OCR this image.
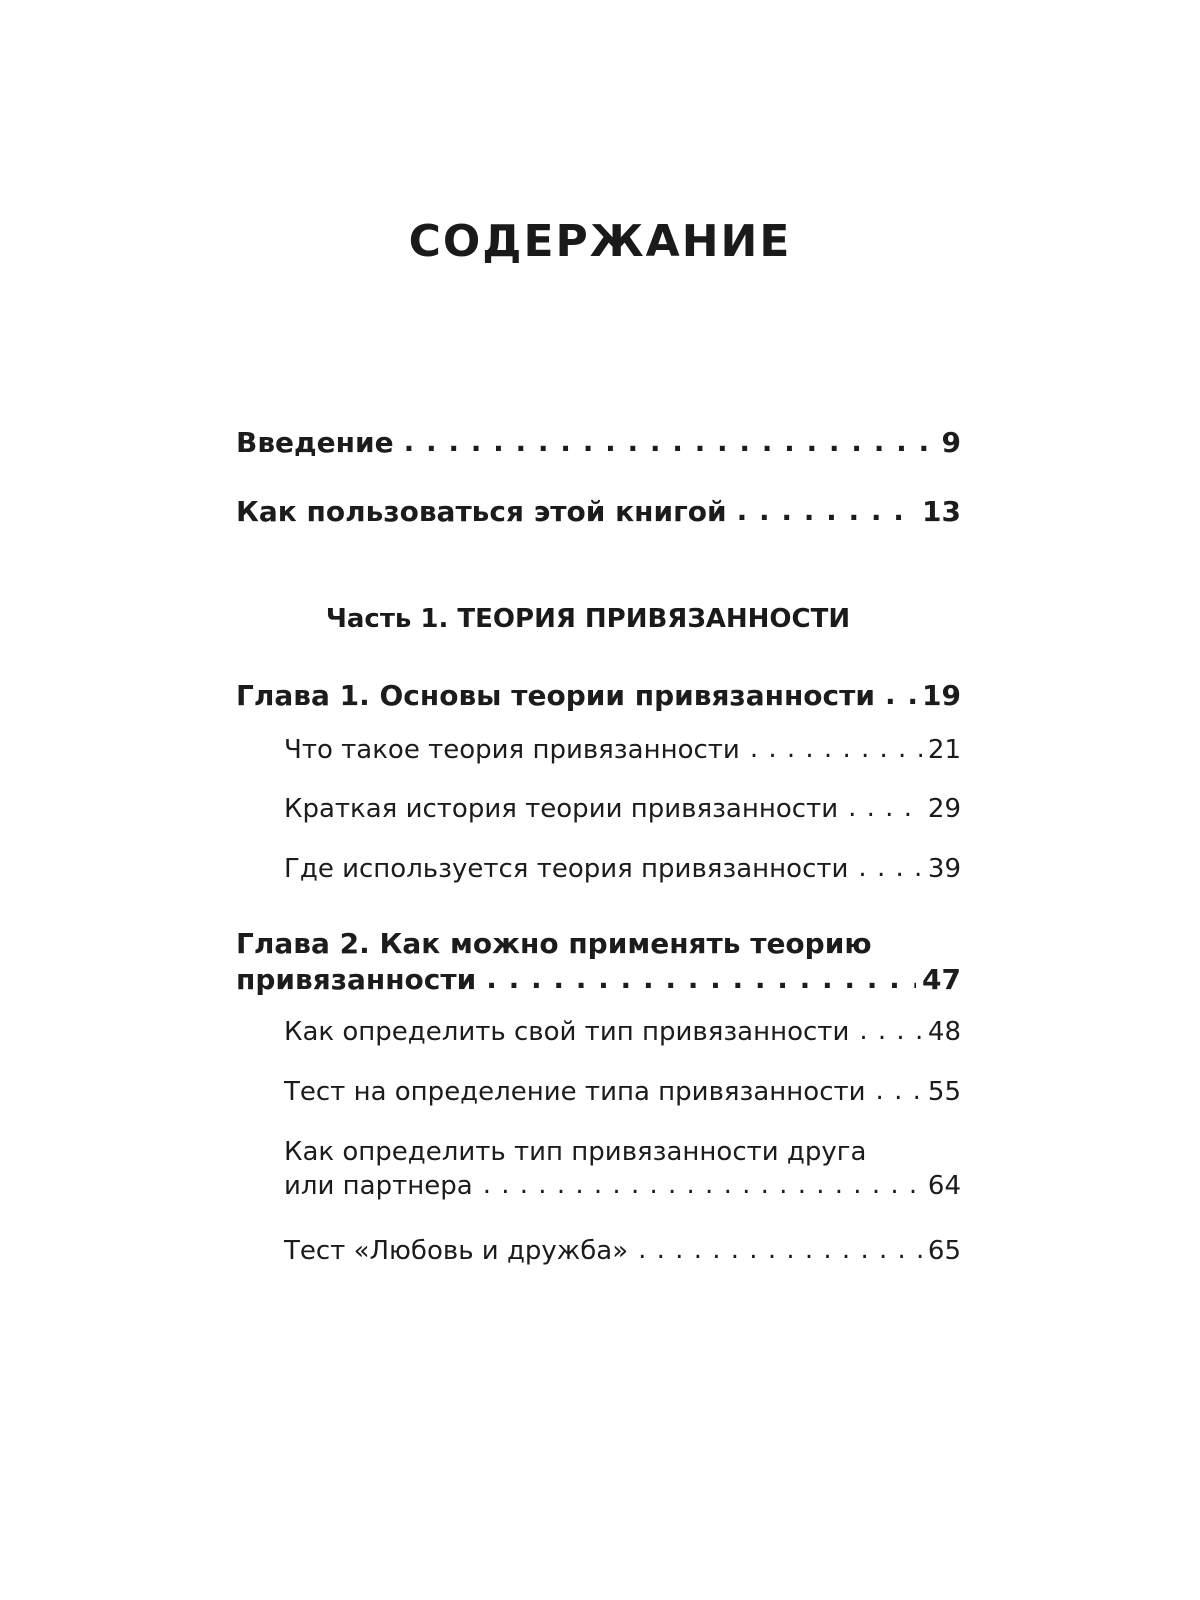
СОДЕРЖАНИЕ
Введение . . .	9
Как пользоваться этой книгой . . .	13
Часть 1. ТЕОРИЯ ПРИВЯЗАННОСТИ
Глава 1. Основы теории привязанности . . . 19
Что такое теория привязанности . . .	21
Краткая история теории привязанности . . .	29
Где используется теория привязанности . . .	39
Глава 2. Как можно применять теорию
привязанности . . .	47
Как определить свой тип привязанности . . .	48
Тест на определение типа привязанности . . . 55
Как определить тип привязанности друга
или партнера . . .	64
Тест «Любовь и дружба» . . .	65
